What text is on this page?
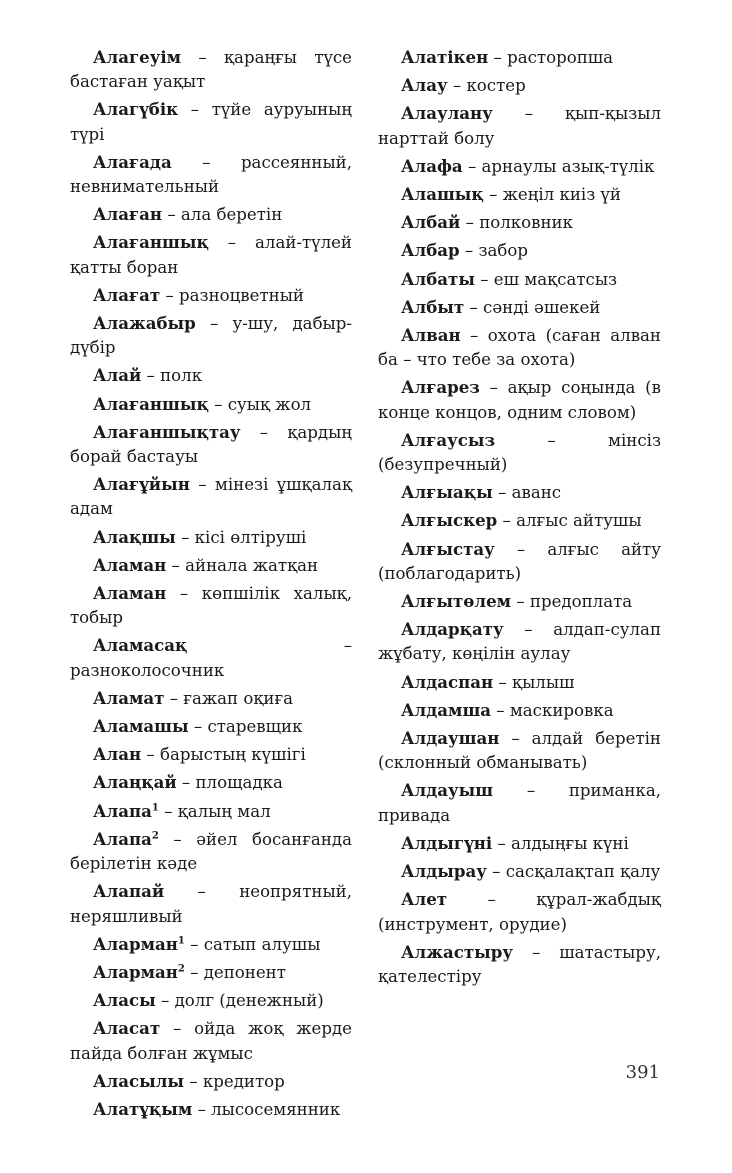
Алагеуім – қараңғы түсе бастаған уақыт
Алагүбік – түйе ауруының түрі
Алағада – рассеянный, невнимательный
Алаған – ала беретін
Алағаншық – алай-түлей қатты боран
Алағат – разноцветный
Алажабыр – у-шу, дабыр-дүбір
Алай – полк
Алағаншық – суық жол
Алағаншықтау – қардың борай бастауы
Алағұйын – мінезі ұшқалақ адам
Алақшы – кісі өлтіруші
Аламан – айнала жатқан
Аламан – көпшілік халық, тобыр
Аламасақ – разноколосочник
Аламат – ғажап оқиға
Аламашы – старевщик
Алан – барыстың күшігі
Алаңқай – площадка
Алапа$^1$ – қалың мал
Алапа$^2$ – әйел босанғанда берілетін кәде
Алапай – неопрятный, неряшливый
Аларман$^1$ – сатып алушы
Аларман$^2$ – депонент
Аласы – долг (денежный)
Аласат – ойда жоқ жерде пайда болған жұмыс
Аласылы – кредитор
Алатұқым – лысосемянник
Алатікен – расторопша
Алау – костер
Алаулану – қып-қызыл нарттай болу
Алафа – арнаулы азық-түлік
Алашық – жеңіл киіз үй
Албай – полковник
Албар – забор
Албаты – еш мақсатсыз
Албыт – сәнді әшекей
Алван – охота (саған алван ба – что тебе за охота)
Алғарез – ақыр соңында (в конце концов, одним словом)
Алғаусыз – мінсіз (безупречный)
Алғыақы – аванс
Алғыскер – алғыс айтушы
Алғыстау – алғыс айту (поблагодарить)
Алғытөлем – предоплата
Алдарқату – алдап-сулап жұбату, көңілін аулау
Алдаспан – қылыш
Алдамша – маскировка
Алдаушан – алдай беретін (склонный обманывать)
Алдауыш – приманка, привада
Алдыгүні – алдыңғы күні
Алдырау – сасқалақтап қалу
Алет – құрал-жабдық (инструмент, орудие)
Алжастыру – шатастыру, қателестіру
391
